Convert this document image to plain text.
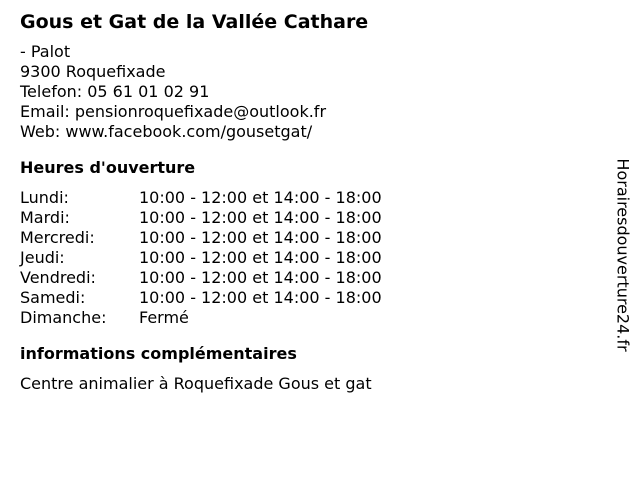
Gous et Gat de la Vallée Cathare
- Palot
9300 Roquefixade
Telefon: 05 61 01 02 91
Email: pensionroquefixade@outlook.fr
Web: www.facebook.com/gousetgat/
Heures d'ouverture
Lundi:	10:00 - 12:00 et 14:00 - 18:00
Mardi:	10:00 - 12:00 et 14:00 - 18:00
Mercredi:	10:00 - 12:00 et 14:00 - 18:00
Jeudi:	10:00 - 12:00 et 14:00 - 18:00
Vendredi:	10:00 - 12:00 et 14:00 - 18:00
Samedi:	10:00 - 12:00 et 14:00 - 18:00
Dimanche:	Fermé
informations complémentaires
Centre animalier à Roquefixade Gous et gat
Horairesdouverture24.fr
